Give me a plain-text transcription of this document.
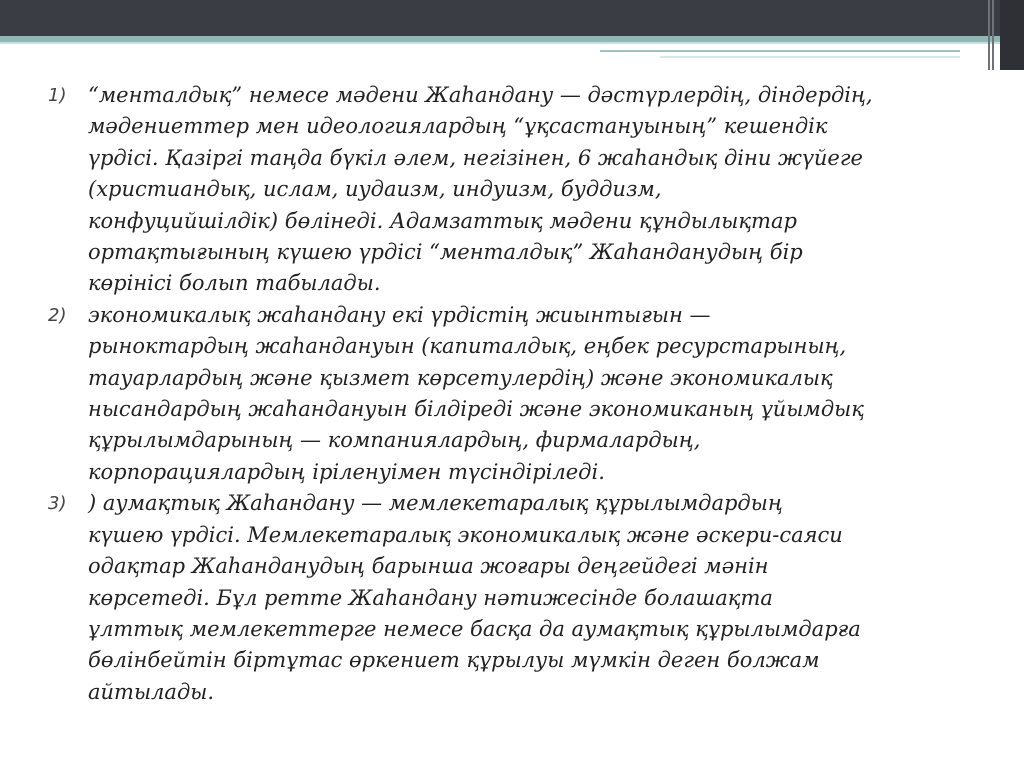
1)	“менталдық” немесе мәдени Жаһандану — дәстүрлердің, діндердің,
мәдениеттер мен идеологиялардың “ұқсастануының” кешендік
үрдісі. Қазіргі таңда бүкіл әлем, негізінен, 6 жаһандық діни жүйеге
(христиандық, ислам, иудаизм, индуизм, буддизм,
конфуцийшілдік) бөлінеді. Адамзаттық мәдени құндылықтар
ортақтығының күшею үрдісі “менталдық” Жаһанданудың бір
көрінісі болып табылады.
2)	экономикалық жаһандану екі үрдістің жиынтығын —
рыноктардың жаһандануын (капиталдық, еңбек ресурстарының,
тауарлардың және қызмет көрсетулердің) және экономикалық
нысандардың жаһандануын білдіреді және экономиканың ұйымдық
құрылымдарының — компаниялардың, фирмалардың,
корпорациялардың іріленуімен түсіндіріледі.
3)	) аумақтық Жаһандану — мемлекетаралық құрылымдардың
күшею үрдісі. Мемлекетаралық экономикалық және әскери-саяси
одақтар Жаһанданудың барынша жоғары деңгейдегі мәнін
көрсетеді. Бұл ретте Жаһандану нәтижесінде болашақта
ұлттық мемлекеттерге немесе басқа да аумақтық құрылымдарға
бөлінбейтін біртұтас өркениет құрылуы мүмкін деген болжам
айтылады.
